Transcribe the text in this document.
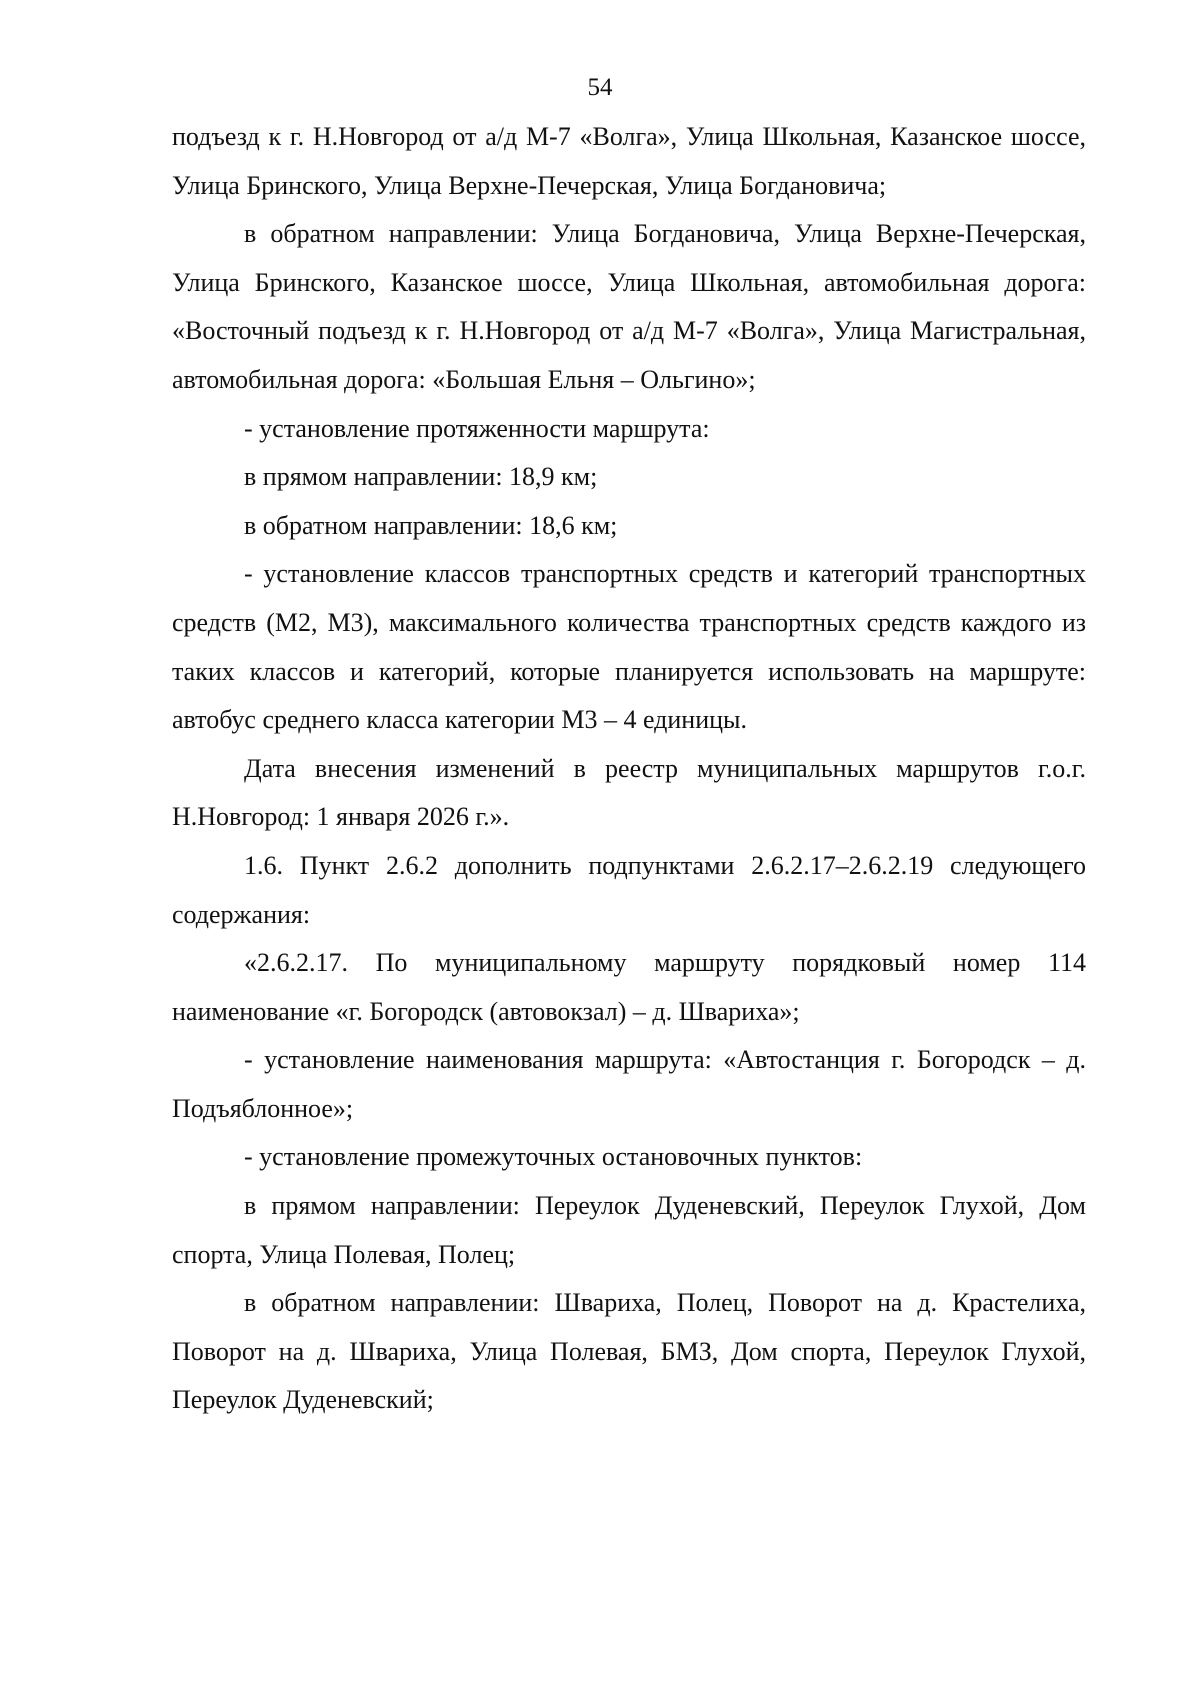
54

подъезд к г. Н.Новгород от а/д М-7 «Волга», Улица Школьная, Казанское шоссе, Улица Бринского, Улица Верхне-Печерская, Улица Богдановича;

в обратном направлении: Улица Богдановича, Улица Верхне-Печерская, Улица Бринского, Казанское шоссе, Улица Школьная, автомобильная дорога: «Восточный подъезд к г. Н.Новгород от а/д М-7 «Волга», Улица Магистральная, автомобильная дорога: «Большая Ельня – Ольгино»;

- установление протяженности маршрута:

в прямом направлении: 18,9 км;

в обратном направлении: 18,6 км;

- установление классов транспортных средств и категорий транспортных средств (М2, М3), максимального количества транспортных средств каждого из таких классов и категорий, которые планируется использовать на маршруте: автобус среднего класса категории М3 – 4 единицы.

Дата внесения изменений в реестр муниципальных маршрутов г.о.г. Н.Новгород: 1 января 2026 г.».

1.6. Пункт 2.6.2 дополнить подпунктами 2.6.2.17–2.6.2.19 следующего содержания:

«2.6.2.17. По муниципальному маршруту порядковый номер 114 наименование «г. Богородск (автовокзал) – д. Швариха»;

- установление наименования маршрута: «Автостанция г. Богородск – д. Подъяблонное»;

- установление промежуточных остановочных пунктов:

в прямом направлении: Переулок Дуденевский, Переулок Глухой, Дом спорта, Улица Полевая, Полец;

в обратном направлении: Швариха, Полец, Поворот на д. Крастелиха, Поворот на д. Швариха, Улица Полевая, БМЗ, Дом спорта, Переулок Глухой, Переулок Дуденевский;
